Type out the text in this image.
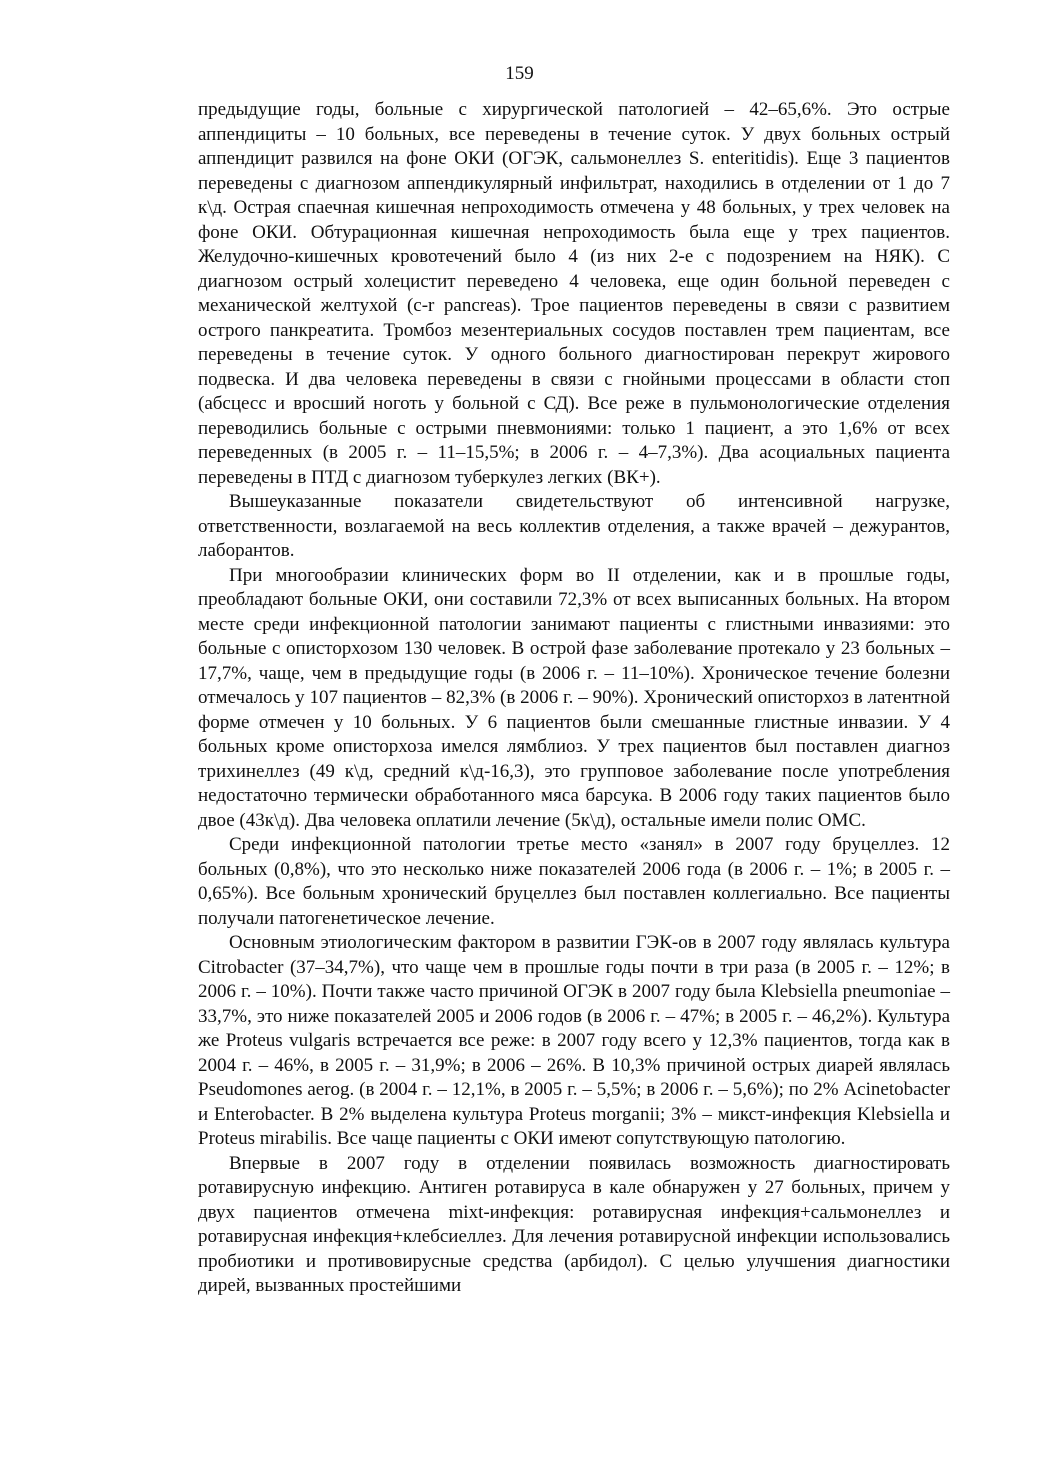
159

предыдущие годы, больные с хирургической патологией – 42–65,6%. Это острые аппендициты – 10 больных, все переведены в течение суток. У двух больных острый аппендицит развился на фоне ОКИ (ОГЭК, сальмонеллез S. enteritidis). Еще 3 пациентов переведены с диагнозом аппендикулярный инфильтрат, находились в отделении от 1 до 7 к\д. Острая спаечная кишечная непроходимость отмечена у 48 больных, у трех человек на фоне ОКИ. Обтурационная кишечная непроходимость была еще у трех пациентов. Желудочно-кишечных кровотечений было 4 (из них 2-е с подозрением на НЯК). С диагнозом острый холецистит переведено 4 человека, еще один больной переведен с механической желтухой (c-r pancreas). Трое пациентов переведены в связи с развитием острого панкреатита. Тромбоз мезентериальных сосудов поставлен трем пациентам, все переведены в течение суток. У одного больного диагностирован перекрут жирового подвеска. И два человека переведены в связи с гнойными процессами в области стоп (абсцесс и вросший ноготь у больной с СД). Все реже в пульмонологические отделения переводились больные с острыми пневмониями: только 1 пациент, а это 1,6% от всех переведенных (в 2005 г. – 11–15,5%; в 2006 г. – 4–7,3%). Два асоциальных пациента переведены в ПТД с диагнозом туберкулез легких (ВК+).

Вышеуказанные показатели свидетельствуют об интенсивной нагрузке, ответственности, возлагаемой на весь коллектив отделения, а также врачей – дежурантов, лаборантов.

При многообразии клинических форм во II отделении, как и в прошлые годы, преобладают больные ОКИ, они составили 72,3% от всех выписанных больных. На втором месте среди инфекционной патологии занимают пациенты с глистными инвазиями: это больные с описторхозом 130 человек. В острой фазе заболевание протекало у 23 больных – 17,7%, чаще, чем в предыдущие годы (в 2006 г. – 11–10%). Хроническое течение болезни отмечалось у 107 пациентов – 82,3% (в 2006 г. – 90%). Хронический описторхоз в латентной форме отмечен у 10 больных. У 6 пациентов были смешанные глистные инвазии. У 4 больных кроме описторхоза имелся лямблиоз. У трех пациентов был поставлен диагноз трихинеллез (49 к\д, средний к\д-16,3), это групповое заболевание после употребления недостаточно термически обработанного мяса барсука. В 2006 году таких пациентов было двое (43к\д). Два человека оплатили лечение (5к\д), остальные имели полис ОМС.

Среди инфекционной патологии третье место «занял» в 2007 году бруцеллез. 12 больных (0,8%), что это несколько ниже показателей 2006 года (в 2006 г. – 1%; в 2005 г. – 0,65%). Все больным хронический бруцеллез был поставлен коллегиально. Все пациенты получали патогенетическое лечение.

Основным этиологическим фактором в развитии ГЭК-ов в 2007 году являлась культура Citrobacter (37–34,7%), что чаще чем в прошлые годы почти в три раза (в 2005 г. – 12%; в 2006 г. – 10%). Почти также часто причиной ОГЭК в 2007 году была Klebsiella pneumoniae – 33,7%, это ниже показателей 2005 и 2006 годов (в 2006 г. – 47%; в 2005 г. – 46,2%). Культура же Proteus vulgaris встречается все реже: в 2007 году всего у 12,3% пациентов, тогда как в 2004 г. – 46%, в 2005 г. – 31,9%; в 2006 – 26%. В 10,3% причиной острых диарей являлась Pseudomones aerog. (в 2004 г. – 12,1%, в 2005 г. – 5,5%; в 2006 г. – 5,6%); по 2% Acinetobacter и Enterobacter. В 2% выделена культура Proteus morganii; 3% – микст-инфекция Klebsiella и Proteus mirabilis. Все чаще пациенты с ОКИ имеют сопутствующую патологию.

Впервые в 2007 году в отделении появилась возможность диагностировать ротавирусную инфекцию. Антиген ротавируса в кале обнаружен у 27 больных, причем у двух пациентов отмечена mixt-инфекция: ротавирусная инфекция+сальмонеллез и ротавирусная инфекция+клебсиеллез. Для лечения ротавирусной инфекции использовались пробиотики и противовирусные средства (арбидол). С целью улучшения диагностики дирей, вызванных простейшими
